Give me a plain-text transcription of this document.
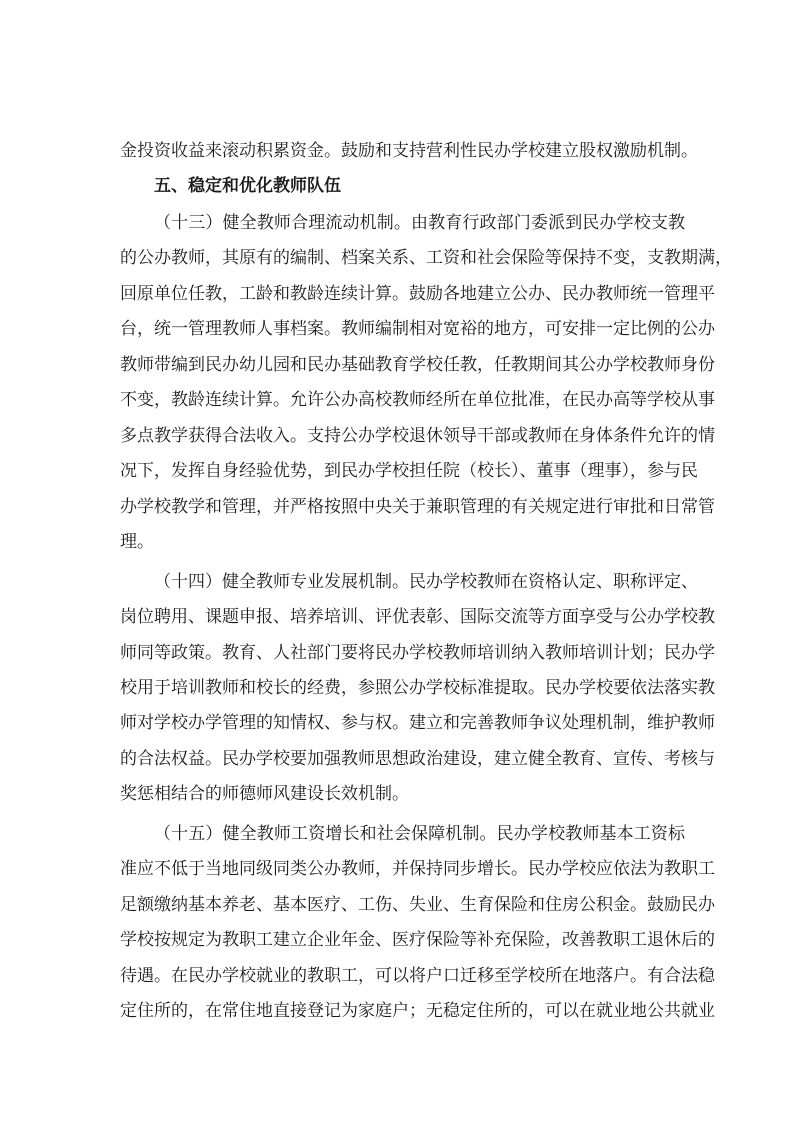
金投资收益来滚动积累资金。鼓励和支持营利性民办学校建立股权激励机制。
五、稳定和优化教师队伍
（十三）健全教师合理流动机制。由教育行政部门委派到民办学校支教
的公办教师，其原有的编制、档案关系、工资和社会保险等保持不变，支教期满，
回原单位任教，工龄和教龄连续计算。鼓励各地建立公办、民办教师统一管理平
台，统一管理教师人事档案。教师编制相对宽裕的地方，可安排一定比例的公办
教师带编到民办幼儿园和民办基础教育学校任教，任教期间其公办学校教师身份
不变，教龄连续计算。允许公办高校教师经所在单位批准，在民办高等学校从事
多点教学获得合法收入。支持公办学校退休领导干部或教师在身体条件允许的情
况下，发挥自身经验优势，到民办学校担任院（校长）、董事（理事），参与民
办学校教学和管理，并严格按照中央关于兼职管理的有关规定进行审批和日常管
理。
（十四）健全教师专业发展机制。民办学校教师在资格认定、职称评定、
岗位聘用、课题申报、培养培训、评优表彰、国际交流等方面享受与公办学校教
师同等政策。教育、人社部门要将民办学校教师培训纳入教师培训计划；民办学
校用于培训教师和校长的经费，参照公办学校标准提取。民办学校要依法落实教
师对学校办学管理的知情权、参与权。建立和完善教师争议处理机制，维护教师
的合法权益。民办学校要加强教师思想政治建设，建立健全教育、宣传、考核与
奖惩相结合的师德师风建设长效机制。
（十五）健全教师工资增长和社会保障机制。民办学校教师基本工资标
准应不低于当地同级同类公办教师，并保持同步增长。民办学校应依法为教职工
足额缴纳基本养老、基本医疗、工伤、失业、生育保险和住房公积金。鼓励民办
学校按规定为教职工建立企业年金、医疗保险等补充保险，改善教职工退休后的
待遇。在民办学校就业的教职工，可以将户口迁移至学校所在地落户。有合法稳
定住所的，在常住地直接登记为家庭户；无稳定住所的，可以在就业地公共就业
